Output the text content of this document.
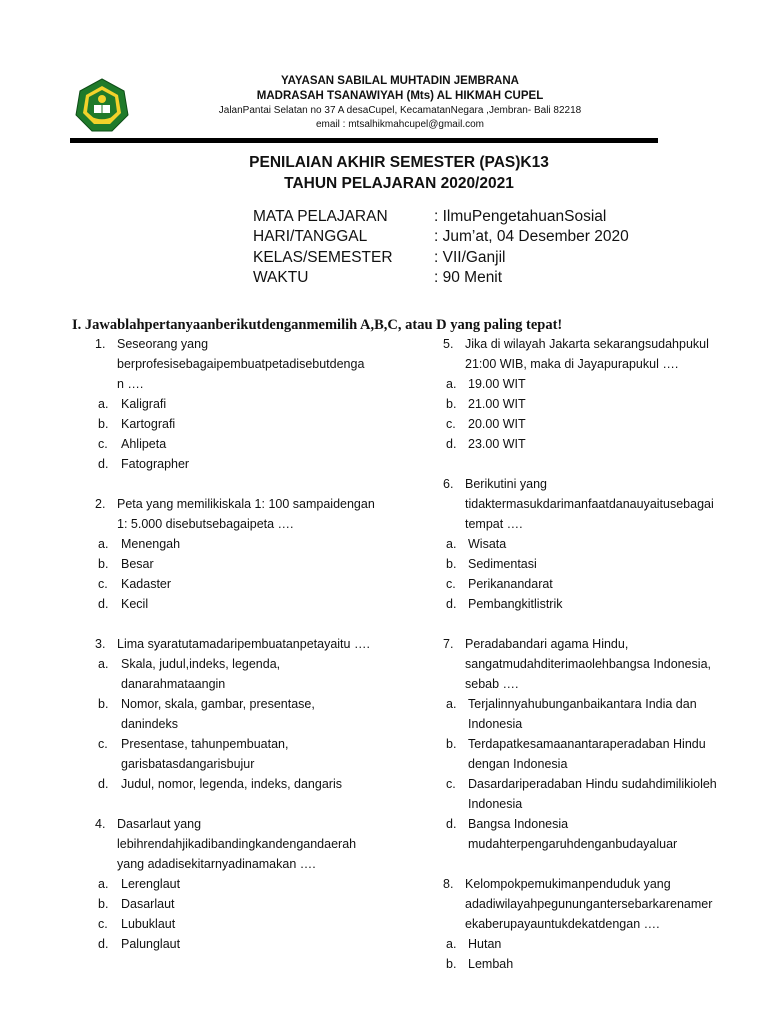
YAYASAN SABILAL MUHTADIN JEMBRANA
MADRASAH TSANAWIYAH (Mts) AL HIKMAH CUPEL
JalanPantai Selatan no 37 A desaCupel, KecamatanNegara ,Jembran- Bali 82218
email : mtsalhikmahcupel@gmail.com
PENILAIAN AKHIR SEMESTER (PAS)K13
TAHUN PELAJARAN 2020/2021
MATA PELAJARAN	: IlmuPengetahuanSosial
HARI/TANGGAL	: Jum’at, 04 Desember 2020
KELAS/SEMESTER	: VII/Ganjil
WAKTU	: 90 Menit
I. Jawablahpertanyaanberikutdenganmemilih A,B,C, atau D yang paling tepat!
1. Seseorang yang
berprofesisebagaipembuatpetadisebutdenga
n ….
a. Kaligrafi
b. Kartografi
c. Ahlipeta
d. Fatographer
2. Peta yang memilikiskala 1: 100 sampaidengan
1: 5.000 disebutsebagaipeta ….
a. Menengah
b. Besar
c. Kadaster
d. Kecil
3. Lima syaratutamadaripembuatanpetayaitu ….
a. Skala, judul,indeks, legenda,
danarahmataangin
b. Nomor, skala, gambar, presentase,
danindeks
c. Presentase, tahunpembuatan,
garisbatasdangarisbujur
d. Judul, nomor, legenda, indeks, dangaris
4. Dasarlaut yang
lebihrendahjikadibandingkandengandaerah
yang adadisekitarnyadinamakan ….
a. Lerenglaut
b. Dasarlaut
c. Lubuklaut
d. Palunglaut
5. Jika di wilayah Jakarta sekarangsudahpukul
21:00 WIB, maka di Jayapurapukul ….
a. 19.00 WIT
b. 21.00 WIT
c. 20.00 WIT
d. 23.00 WIT
6. Berikutini yang
tidaktermasukdarimanfaatdanauyaitusebagai
tempat ….
a. Wisata
b. Sedimentasi
c. Perikanandarat
d. Pembangkitlistrik
7. Peradabandari agama Hindu,
sangatmudahditerimaolehbangsa Indonesia,
sebab ….
a. Terjalinnyahubunganbaikantara India dan
Indonesia
b. Terdapatkesamaanantaraperadaban Hindu
dengan Indonesia
c. Dasardariperadaban Hindu sudahdimilikioleh
Indonesia
d. Bangsa Indonesia
mudahterpengaruhdenganbudayaluar
8. Kelompokpemukimanpenduduk yang
adadiwilayahpegunungantersebarkarenamer
ekaberupayauntukdekatdengan ….
a. Hutan
b. Lembah
